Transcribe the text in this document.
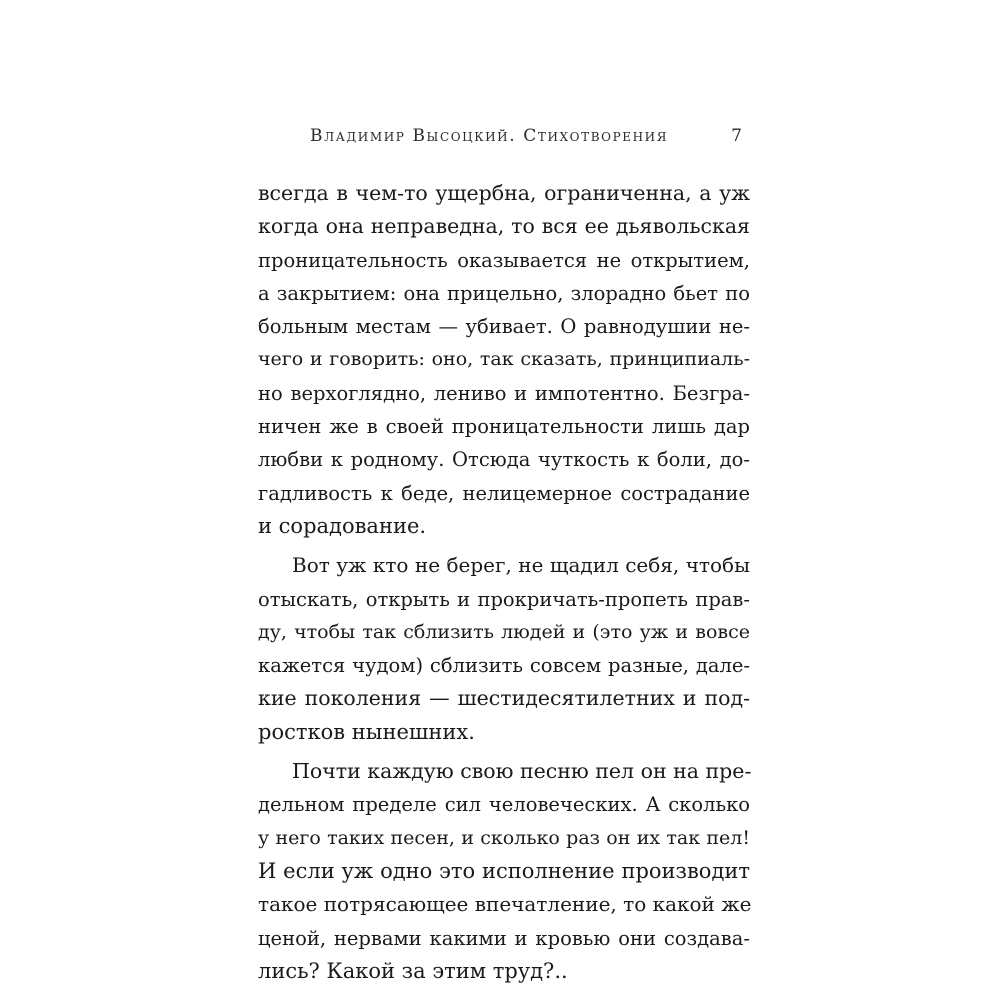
Владимир Высоцкий. Стихотворения	7
всегда в чем-то ущербна, ограниченна, а уж
когда она неправедна, то вся ее дьявольская
проницательность оказывается не открытием,
а закрытием: она прицельно, злорадно бьет по
больным местам — убивает. О равнодушии не-
чего и говорить: оно, так сказать, принципиаль-
но верхоглядно, лениво и импотентно. Безгра-
ничен же в своей проницательности лишь дар
любви к родному. Отсюда чуткость к боли, до-
гадливость к беде, нелицемерное сострадание
и сорадование.
Вот уж кто не берег, не щадил себя, чтобы
отыскать, открыть и прокричать-пропеть прав-
ду, чтобы так сблизить людей и (это уж и вовсе
кажется чудом) сблизить совсем разные, дале-
кие поколения — шестидесятилетних и под-
ростков нынешних.
Почти каждую свою песню пел он на пре-
дельном пределе сил человеческих. А сколько
у него таких песен, и сколько раз он их так пел!
И если уж одно это исполнение производит
такое потрясающее впечатление, то какой же
ценой, нервами какими и кровью они создава-
лись? Какой за этим труд?..
